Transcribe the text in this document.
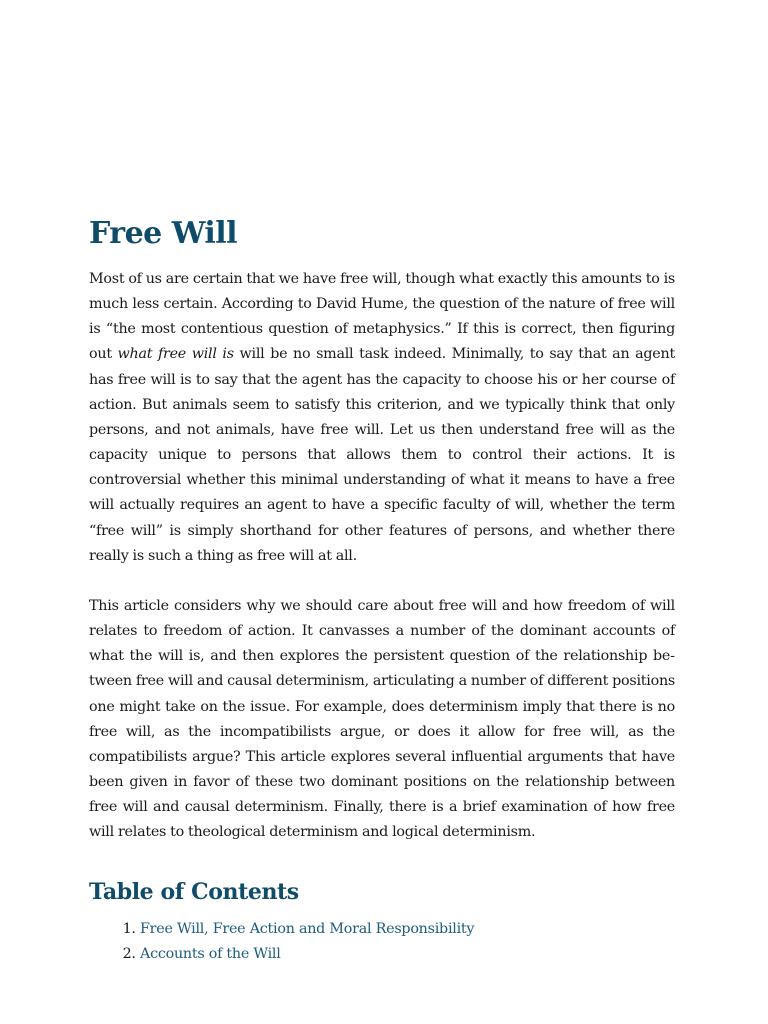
Free Will

Most of us are certain that we have free will, though what exactly this amounts to is much less certain. According to David Hume, the question of the nature of free will is “the most contentious question of metaphysics.” If this is correct, then figuring out what free will is will be no small task indeed. Minimally, to say that an agent has free will is to say that the agent has the capacity to choose his or her course of action. But animals seem to satisfy this criterion, and we typically think that only persons, and not animals, have free will. Let us then understand free will as the capacity unique to persons that allows them to control their actions. It is controversial whether this minimal understanding of what it means to have a free will actually requires an agent to have a specific faculty of will, whether the term “free will” is simply shorthand for other features of persons, and whether there really is such a thing as free will at all.

This article considers why we should care about free will and how freedom of will relates to freedom of action. It canvasses a number of the dominant accounts of what the will is, and then explores the persistent question of the relationship between free will and causal determinism, articulating a number of different positions one might take on the issue. For example, does determinism imply that there is no free will, as the incompatibilists argue, or does it allow for free will, as the compatibilists argue? This article explores several influential arguments that have been given in favor of these two dominant positions on the relationship between free will and causal determinism. Finally, there is a brief examination of how free will relates to theological determinism and logical determinism.

Table of Contents
1. Free Will, Free Action and Moral Responsibility
2. Accounts of the Will
